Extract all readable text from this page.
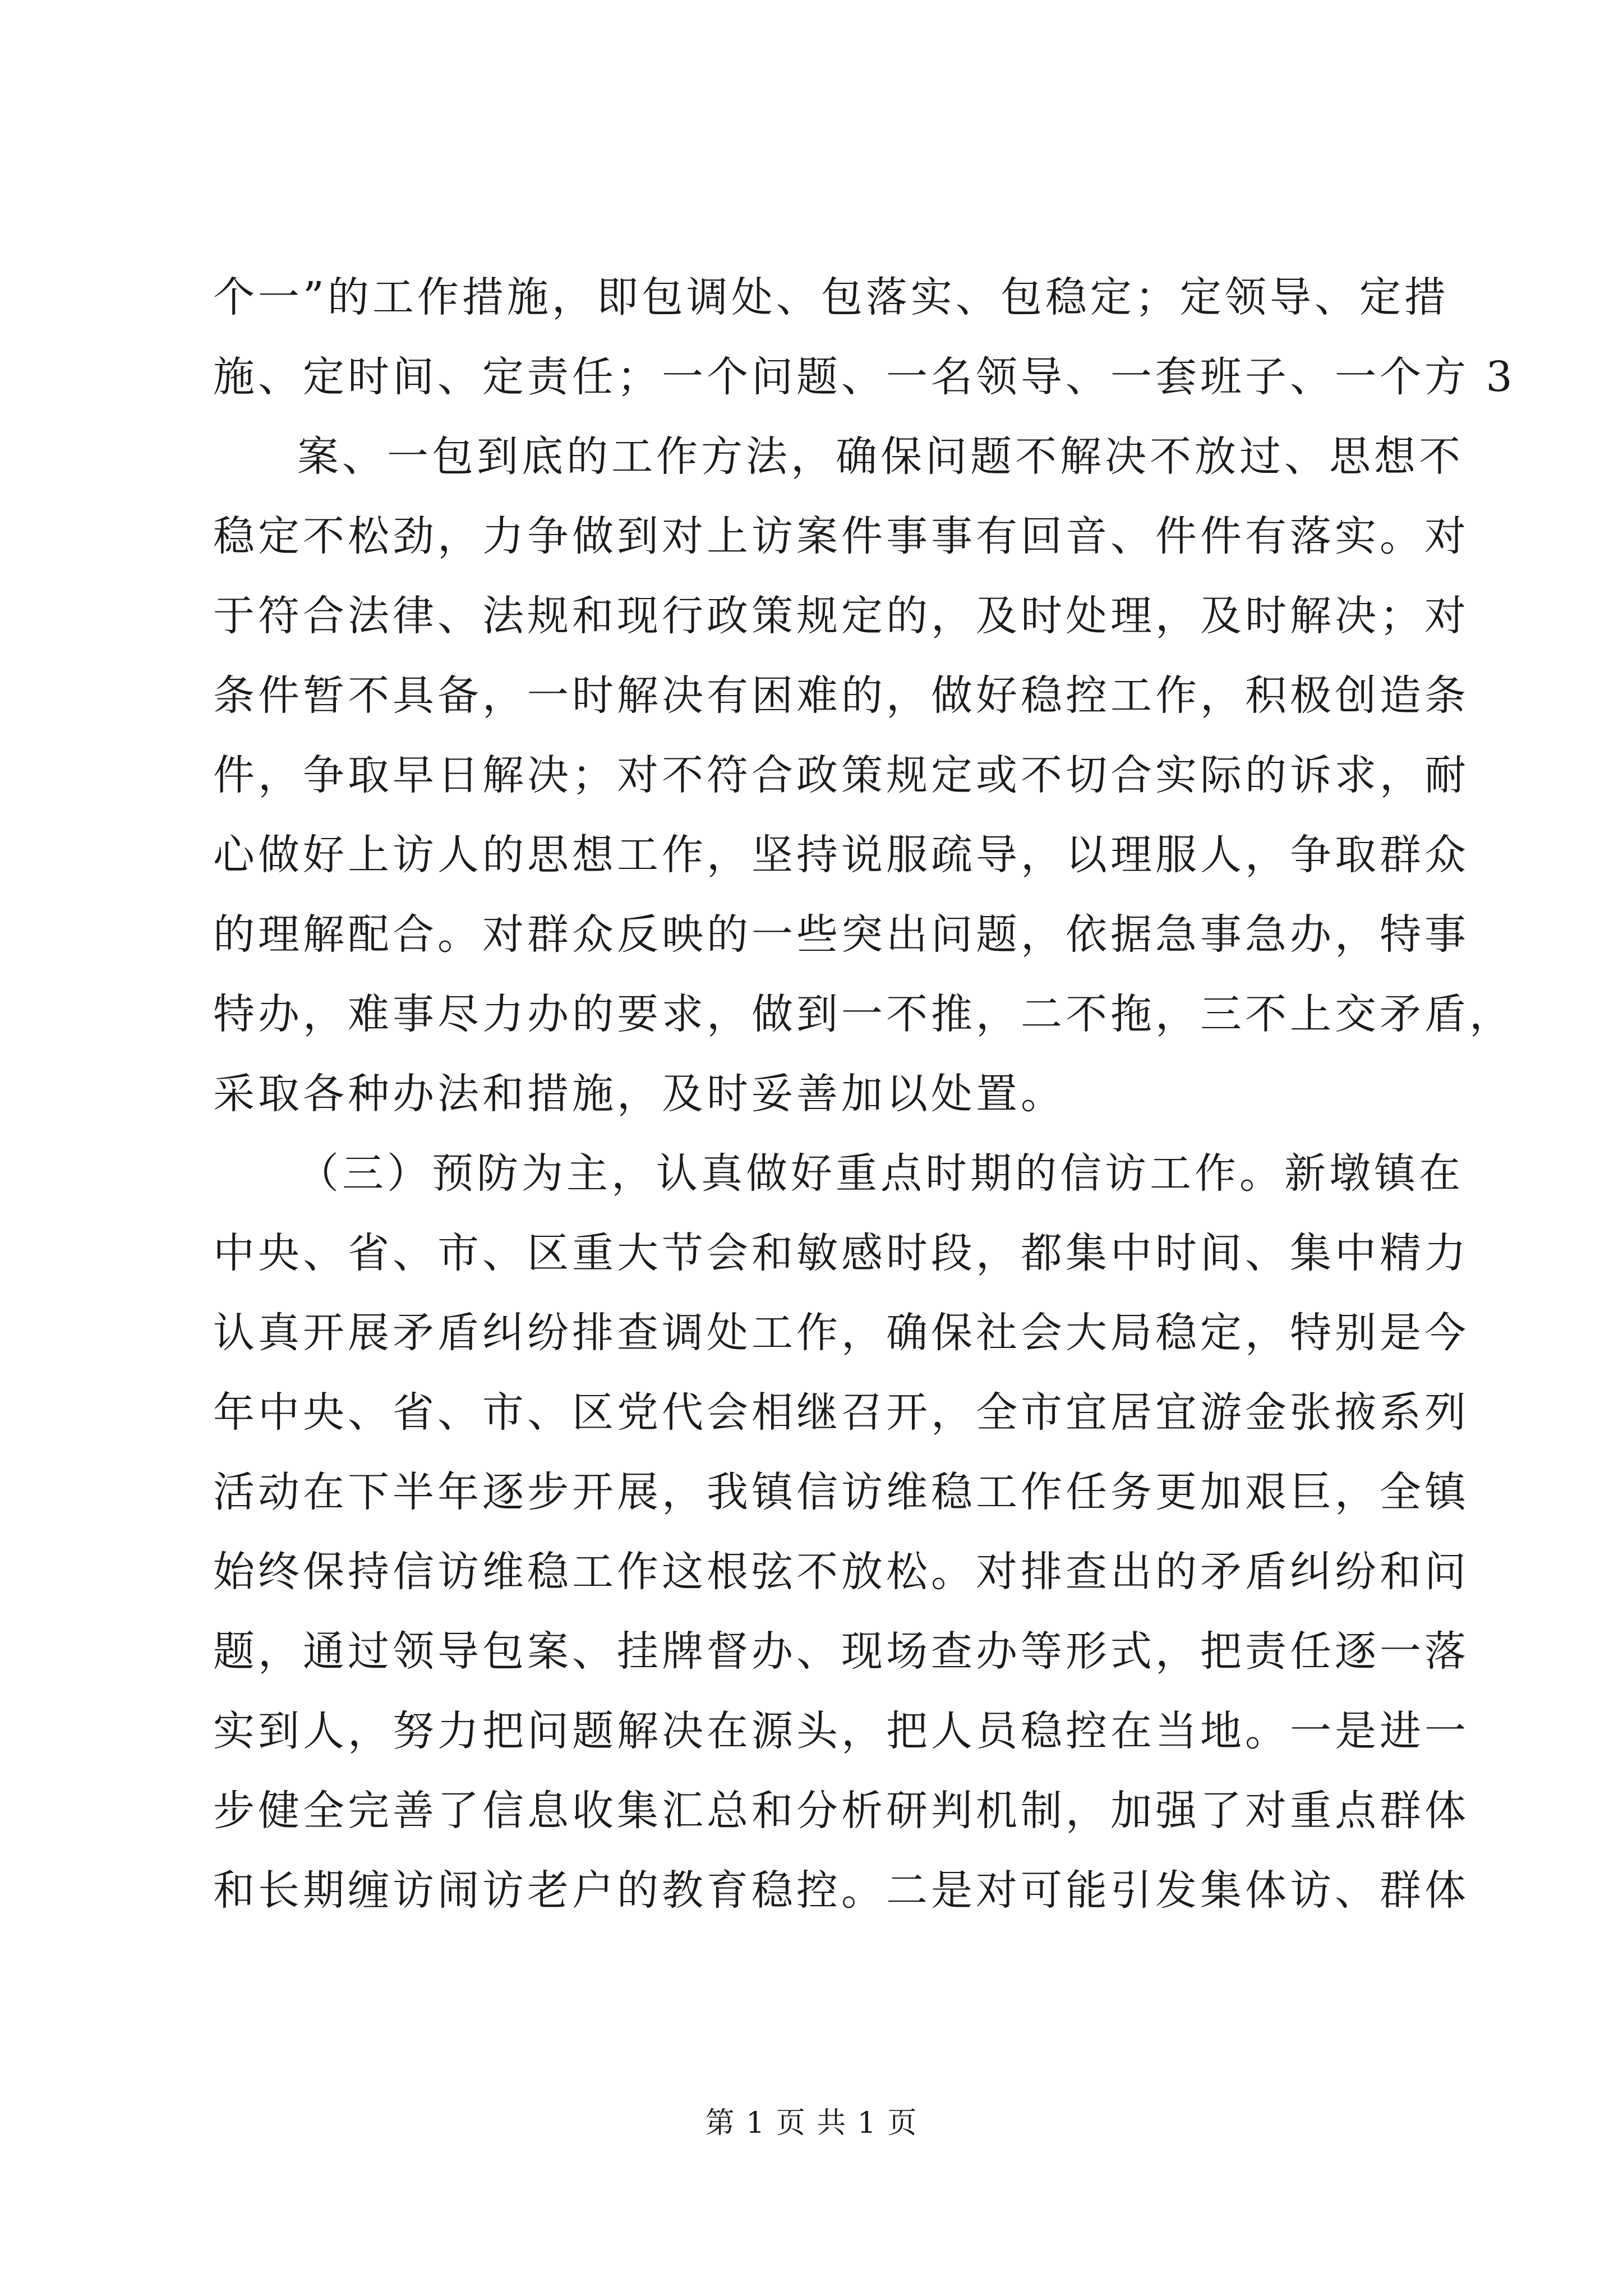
个一”的工作措施，即包调处、包落实、包稳定；定领导、定措
施、定时间、定责任；一个问题、一名领导、一套班子、一个方 3
案、一包到底的工作方法，确保问题不解决不放过、思想不
稳定不松劲，力争做到对上访案件事事有回音、件件有落实。对
于符合法律、法规和现行政策规定的，及时处理，及时解决；对
条件暂不具备，一时解决有困难的，做好稳控工作，积极创造条
件，争取早日解决；对不符合政策规定或不切合实际的诉求，耐
心做好上访人的思想工作，坚持说服疏导，以理服人，争取群众
的理解配合。对群众反映的一些突出问题，依据急事急办，特事
特办，难事尽力办的要求，做到一不推，二不拖，三不上交矛盾，
采取各种办法和措施，及时妥善加以处置。
（三）预防为主，认真做好重点时期的信访工作。新墩镇在
中央、省、市、区重大节会和敏感时段，都集中时间、集中精力
认真开展矛盾纠纷排查调处工作，确保社会大局稳定，特别是今
年中央、省、市、区党代会相继召开，全市宜居宜游金张掖系列
活动在下半年逐步开展，我镇信访维稳工作任务更加艰巨，全镇
始终保持信访维稳工作这根弦不放松。对排查出的矛盾纠纷和问
题，通过领导包案、挂牌督办、现场查办等形式，把责任逐一落
实到人，努力把问题解决在源头，把人员稳控在当地。一是进一
步健全完善了信息收集汇总和分析研判机制，加强了对重点群体
和长期缠访闹访老户的教育稳控。二是对可能引发集体访、群体
第 1 页 共 1 页
